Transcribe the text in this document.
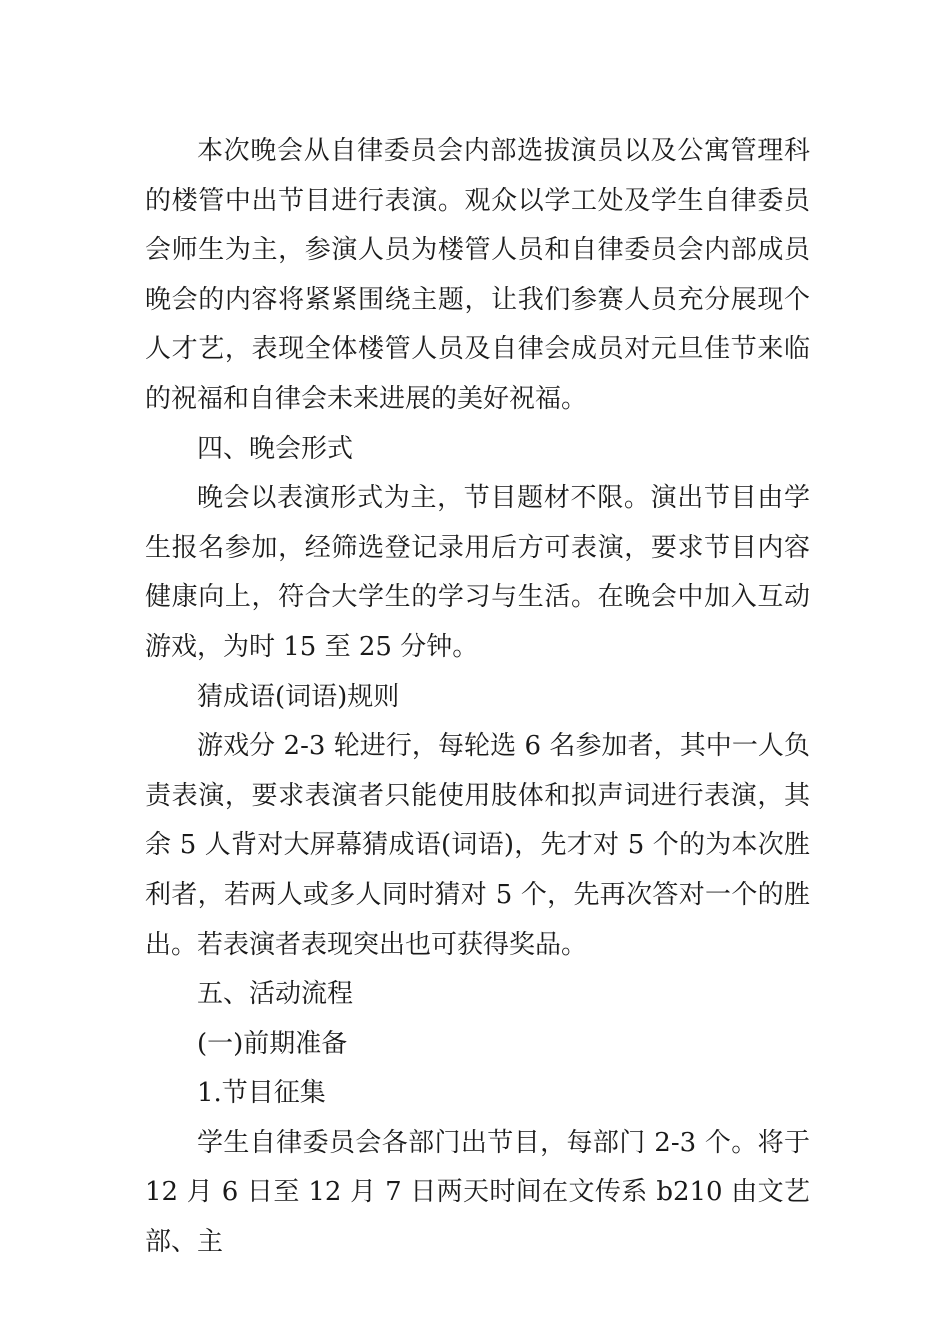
本次晚会从自律委员会内部选拔演员以及公寓管理科的楼管中出节目进行表演。观众以学工处及学生自律委员会师生为主，参演人员为楼管人员和自律委员会内部成员晚会的内容将紧紧围绕主题，让我们参赛人员充分展现个人才艺，表现全体楼管人员及自律会成员对元旦佳节来临的祝福和自律会未来进展的美好祝福。

四、晚会形式

晚会以表演形式为主，节目题材不限。演出节目由学生报名参加，经筛选登记录用后方可表演，要求节目内容健康向上，符合大学生的学习与生活。在晚会中加入互动游戏，为时 15 至 25 分钟。

猜成语(词语)规则

游戏分 2-3 轮进行，每轮选 6 名参加者，其中一人负责表演，要求表演者只能使用肢体和拟声词进行表演，其余 5 人背对大屏幕猜成语(词语)，先才对 5 个的为本次胜利者，若两人或多人同时猜对 5 个，先再次答对一个的胜出。若表演者表现突出也可获得奖品。

五、活动流程

(一)前期准备

1.节目征集

学生自律委员会各部门出节目，每部门 2-3 个。将于 12 月 6 日至 12 月 7 日两天时间在文传系 b210 由文艺部、主
